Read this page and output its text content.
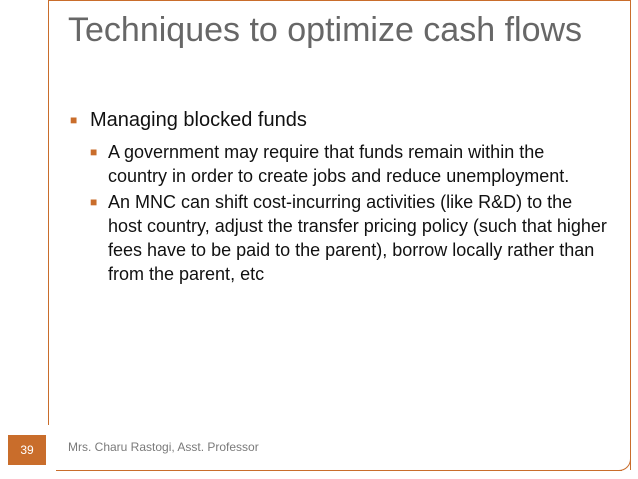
Techniques to optimize cash flows
■ Managing blocked funds
■ A government may require that funds remain within the country in order to create jobs and reduce unemployment.
■ An MNC can shift cost-incurring activities (like R&D) to the host country, adjust the transfer pricing policy (such that higher fees have to be paid to the parent), borrow locally rather than from the parent, etc
39	Mrs. Charu Rastogi, Asst. Professor
